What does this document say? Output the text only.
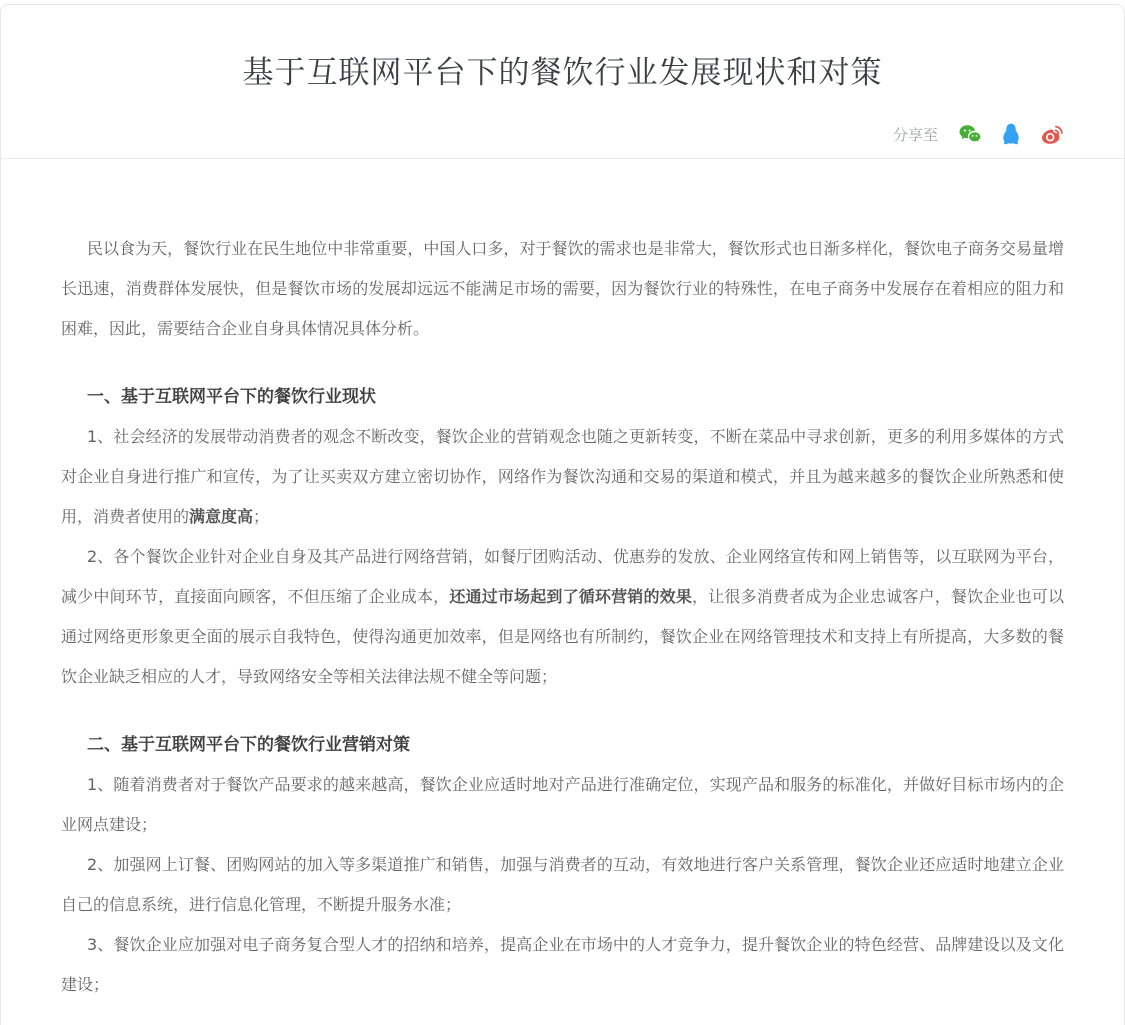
基于互联网平台下的餐饮行业发展现状和对策
分享至

民以食为天，餐饮行业在民生地位中非常重要，中国人口多，对于餐饮的需求也是非常大，餐饮形式也日渐多样化，餐饮电子商务交易量增长迅速，消费群体发展快，但是餐饮市场的发展却远远不能满足市场的需要，因为餐饮行业的特殊性，在电子商务中发展存在着相应的阻力和困难，因此，需要结合企业自身具体情况具体分析。

一、基于互联网平台下的餐饮行业现状

1、社会经济的发展带动消费者的观念不断改变，餐饮企业的营销观念也随之更新转变，不断在菜品中寻求创新，更多的利用多媒体的方式对企业自身进行推广和宣传，为了让买卖双方建立密切协作，网络作为餐饮沟通和交易的渠道和模式，并且为越来越多的餐饮企业所熟悉和使用，消费者使用的满意度高；

2、各个餐饮企业针对企业自身及其产品进行网络营销，如餐厅团购活动、优惠券的发放、企业网络宣传和网上销售等，以互联网为平台，减少中间环节，直接面向顾客，不但压缩了企业成本，还通过市场起到了循环营销的效果，让很多消费者成为企业忠诚客户，餐饮企业也可以通过网络更形象更全面的展示自我特色，使得沟通更加效率，但是网络也有所制约，餐饮企业在网络管理技术和支持上有所提高，大多数的餐饮企业缺乏相应的人才，导致网络安全等相关法律法规不健全等问题；

二、基于互联网平台下的餐饮行业营销对策

1、随着消费者对于餐饮产品要求的越来越高，餐饮企业应适时地对产品进行准确定位，实现产品和服务的标准化，并做好目标市场内的企业网点建设；

2、加强网上订餐、团购网站的加入等多渠道推广和销售，加强与消费者的互动，有效地进行客户关系管理，餐饮企业还应适时地建立企业自己的信息系统，进行信息化管理，不断提升服务水准；

3、餐饮企业应加强对电子商务复合型人才的招纳和培养，提高企业在市场中的人才竞争力，提升餐饮企业的特色经营、品牌建设以及文化建设；
